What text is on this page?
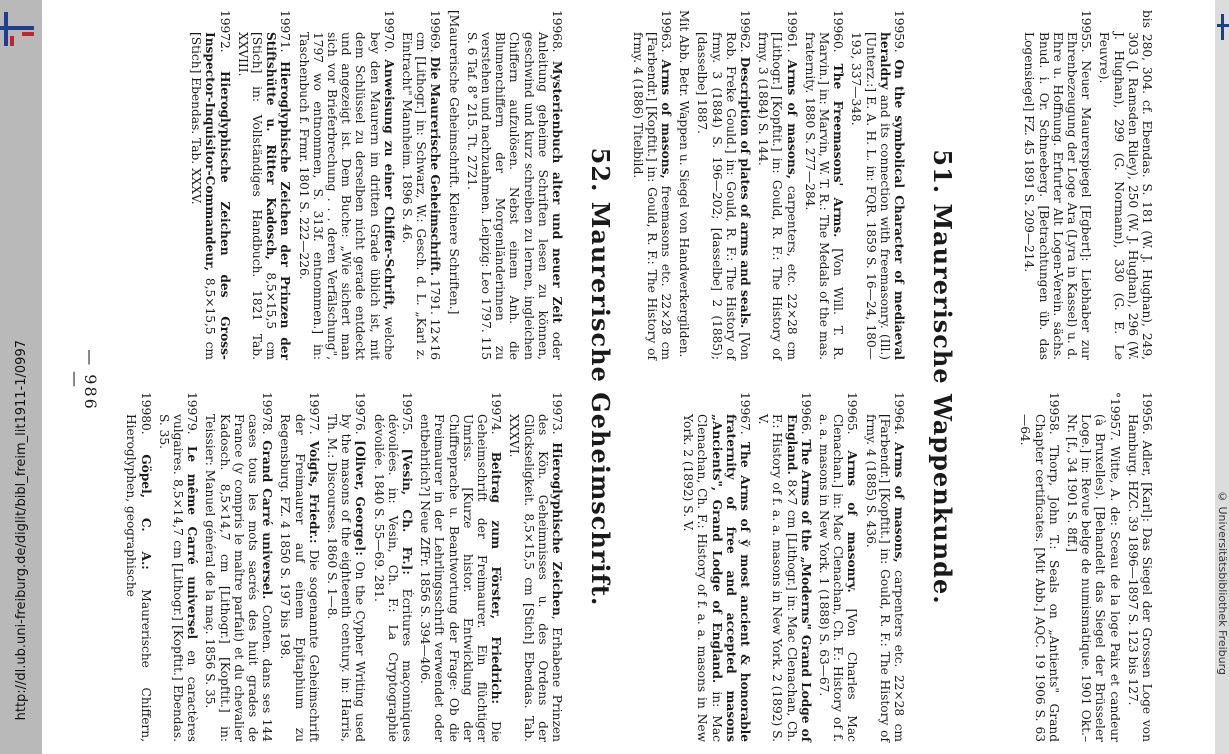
http://dl.ub.uni-freiburg.de/diglit/bibl_freim_lit1911-1/0997	© Universitätsbibliothek Freiburg
— 986 —
bis 280, 304. cf. Ebendas. S. 181 (W. J. Hughan), 249, 303 (J. Ramsden Riley), 250 (W. J. Hughan), 296 (W. J. Hughan), 299 (G. Normann), 330 (G. E. Le Feuvre).
19955. Neuer Maurerspiegel [Egbert]: Liebhaber zur Ehrenbezeugung der Loge Ara (Lyra in Kassel) u. d. Ehre u. Hoffnung. Erfurter Alt Logen-Verein. sächs. Bnud. i. Or. Schneeberg. [Betrachtungen üb. das Logensiegel] FZ. 45 1891 S. 209—214.
19956. Adler, [Karl]: Das Siegel der Grossen Loge von Hamburg. HZC. 39 1896—1897 S. 123 bis 127.
°19957. Witte, A. de: Sceau de la loge Paix et candeur (à Bruxelles). [Behandelt das Siegel der Brüsseler Loge.] in: Revue belge de numismatique. 1901 Okt.–Nr. [f., 34 1901 S. 8ff.]
19958. Thorp, John T.: Seals on „Antients" Grand Chapter certificates. [Mit Abb.] AQC. 19 1906 S. 63—64.
51. Maurerische Wappenkunde.
19959. On the symbolical Character of mediaeval heraldry and its connection with freemasonry. (Ill.) [Unterz.:] E. A. H. L. in: FQR. 1859 S. 16—24, 180—193, 337—348.
19960. The Freemasons' Arms. [Von Will. T. R. Marvin.] in: Marvin, W. T. R.: The Medals of the mas. fraternity. 1880 S. 277—284.
19961. Arms of masons, carpenters, etc. 22×28 cm [Lithogr.] [Kopftit.] in: Gould, R. F.: The History of frmy. 3 (1884) S. 144.
19962. Description of plates of arms and seals. [Von Rob. Freke Gould.] in: Gould, R. F.: The History of frmy. 3 (1884) S. 196—202; [dasselbe] 2 (1885); [dasselbe] 1887.
Mit Abb. Betr. Wappen u. Siegel von Handwerkergilden.
19963. Arms of masons, freemasons etc. 22×28 cm [Farbendr.] [Kopftit.] in: Gould, R. F.: The History of frmy. 4 (1886) Titelbild.
19964. Arms of masons, carpenters etc. 22×28 cm [Farbendr.] [Kopftit.] in: Gould, R. F.: The History of frmy. 4 (1885) S. 436.
19965. Arms of masonry. [Von Charles Mac Clenachan.] in: Mac Clenachan, Ch. F.: History of f. a. a. masons in New York. 1 (1888) S. 63—67.
19966. The Arms of the „Moderns" Grand Lodge of England. 8×7 cm [Lithogr.] in: Mac Clenachan, Ch. F.: History of f. a. a. masons in New York. 2 (1892) S. V.
19967. The Arms of y̆ most ancient & honorable fraternity of free and accepted masons „Ancients", Grand Lodge of England. in: Mac Clenachan, Ch. F.: History of f. a. a. masons in New York. 2 (1892) S. V.
52. Maurerische Geheimschrift.
19968. Mysterienbuch alter und neuer Zeit oder Anleitung geheime Schriften lesen zu können, geschwind und kurz schreiben zu lernen, ingleichen Chiffern aufzulösen. Nebst einem Anh. die Blumenchiffern der Morgenländerinnen zu verstehen und nachzuahmen. Leipzig: Leo 1797. 115 S. 6 Taf. 8° 215. Tt. 2721.
[Maurerische Geheimschrift. Kleinere Schriften.]
19969. Die Maurerische Geheimschrift. 1791. 12×16 cm [Lithogr.] in: Schwarz, W.: Gesch. d. L. „Karl z. Eintracht" Mannheim. 1896 S. 46.
19970. Anweisung zu einer Chiffer-Schrift, welche bey den Maurern im dritten Grade üblich ist, mit dem Schlüssel zu derselben nicht gerade entdeckt und angezeigt ist. Dem Buche: „Wie sichert man sich vor Brieferbrechung . . . deren Verfälschung", 1797 wo entnommen, S. 313f. entnommen.] in: Taschenbuch f. Frmr. 1801 S. 222—226.
19971. Hieroglyphische Zeichen der Prinzen der Stiftshütte u. Ritter Kadosch, 8,5×15,5 cm [Stich] in: Vollständiges Handbuch. 1821 Tab. XXVIII.
19972. Hieroglyphische Zeichen des Gross-Inspector-Inquisitor-Commandeur, 8,5×15,5 cm [Stich] Ebendas. Tab. XXXV.
19973. Hieroglyphische Zeichen, Erhabene Prinzen des Kön. Geheimnisses u. des Ordens der Glückseligkeit. 8,5×15,5 cm [Stich] Ebendas. Tab. XXXVI.
19974. Beitrag zum Förster, Friedrich: Die Geheimschrift der Freimaurer. Ein flüchtiger Umriss. [Kurze histor. Entwicklung der Chiffreprache u. Beantwortung der Frage: Ob die Freimaurer in der Lehrlingsschrift verwendet oder entbehrlich?] Neue ZfFr. 1856 S. 394—406.
19975. [Vesin, Ch. Fr.]: Écritures maçonniques dévoilées. in: Vesin, Ch. F.: La Cryptographie dévoilée. 1840 S. 55—69. 281.
19976. [Oliver, George]: On the Cypher Writing used by the masons of the eighteenth century. in: Harris, Th. M.: Discourses. 1860 S. 1—8.
19977. Voigts, Friedr.: Die sogenannte Geheimschrift der Freimaurer auf einem Epitaphium zu Regensburg. FZ. 4 1850 S. 197 bis 198.
19978. Grand Carré universel. Conten. dans ses 144 cases tous les mots sacrés des huit grades de France (y compris le maître parfait) et du chevalier Kadosch. 8,5×14,7 cm [Lithogr.] [Kopftit.] in: Teissier: Manuel général de la maç. 1856 S. 35.
19979. Le même Carré universel en caractères vulgaires. 8,5×14,7 cm [Lithogr.] [Kopftit.] Ebendas. S. 35.
19980. Göpel, C. A.: Maurerische Chiffern, Hieroglyphen, geographische
